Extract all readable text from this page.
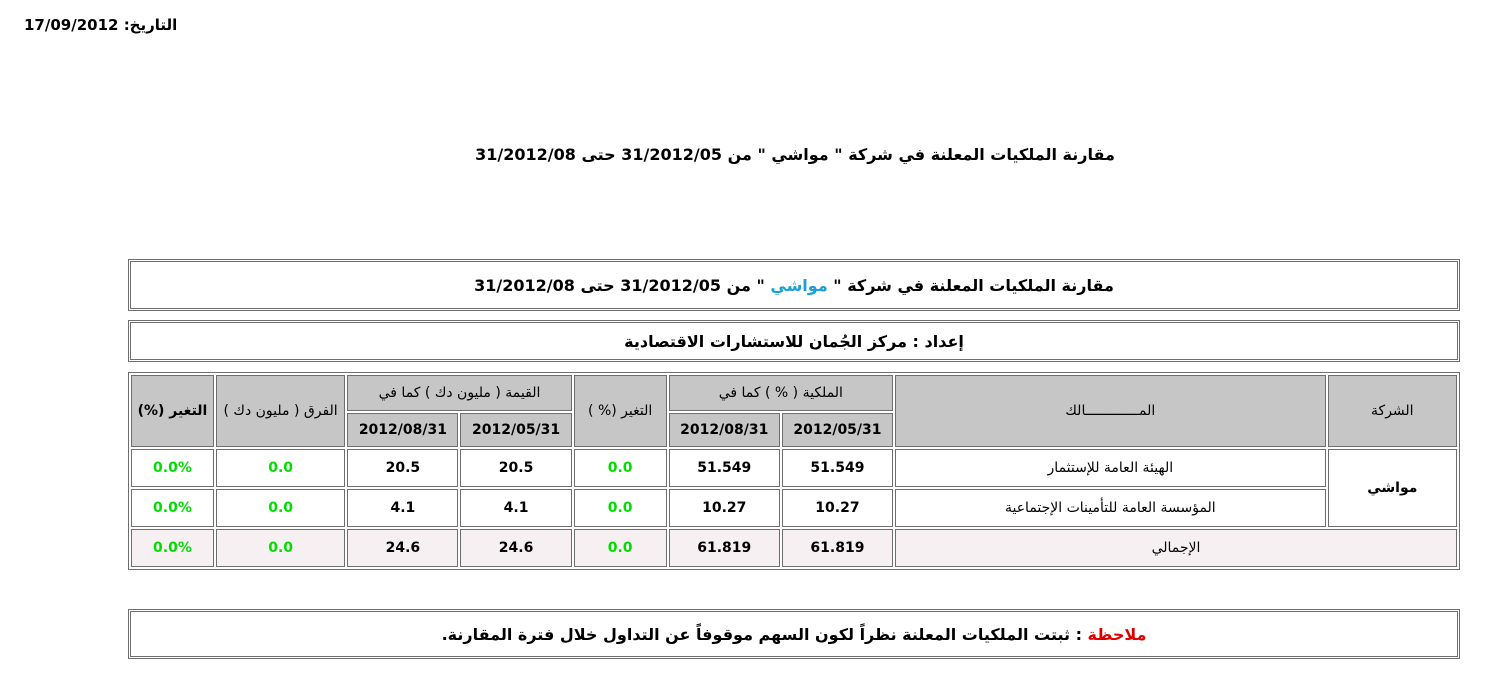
17/09/2012 التاريخ:
مقارنة الملكيات المعلنة في شركة " مواشي " من 31/2012/05 حتى 31/2012/08
مقارنة الملكيات المعلنة في شركة " مواشي " من 31/2012/05 حتى 31/2012/08
إعداد : مركز الجُمان للاستشارات الاقتصادية
الشركة	المـــــــــــــالك	الملكية ( % ) كما في		التغير (% )	القيمة ( مليون دك ) كما في		الفرق ( مليون دك )	التغير (%)
		2012/05/31	2012/08/31		2012/05/31	2012/08/31		
مواشي	الهيئة العامة للإستثمار	51.549	51.549	0.0	20.5	20.5	0.0	0.0%
	المؤسسة العامة للتأمينات الإجتماعية	10.27	10.27	0.0	4.1	4.1	0.0	0.0%
الإجمالي		61.819	61.819	0.0	24.6	24.6	0.0	0.0%
ملاحظة : ثبتت الملكيات المعلنة نظراً لكون السهم موقوفاً عن التداول خلال فترة المقارنة.
